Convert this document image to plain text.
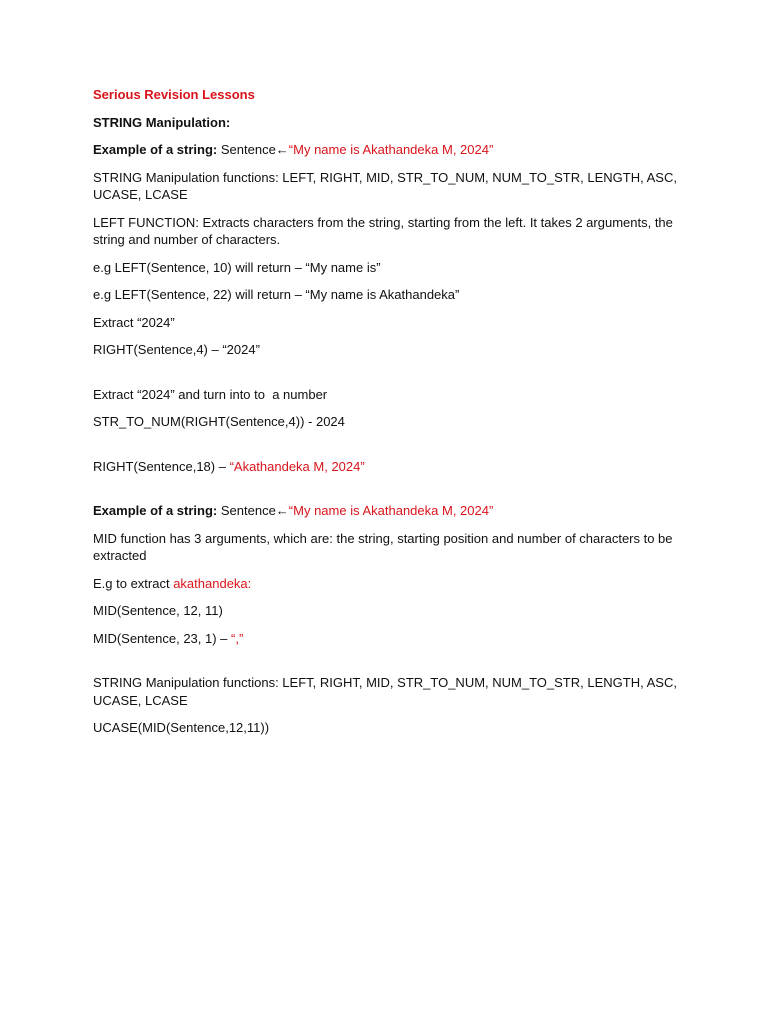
Serious Revision Lessons

STRING Manipulation:

Example of a string: Sentence←“My name is Akathandeka M, 2024”

STRING Manipulation functions: LEFT, RIGHT, MID, STR_TO_NUM, NUM_TO_STR, LENGTH, ASC, UCASE, LCASE

LEFT FUNCTION: Extracts characters from the string, starting from the left. It takes 2 arguments, the string and number of characters.

e.g LEFT(Sentence, 10) will return – “My name is”

e.g LEFT(Sentence, 22) will return – “My name is Akathandeka”

Extract “2024”

RIGHT(Sentence,4) – “2024”

Extract “2024” and turn into to  a number

STR_TO_NUM(RIGHT(Sentence,4)) - 2024

RIGHT(Sentence,18) – “Akathandeka M, 2024”

Example of a string: Sentence←“My name is Akathandeka M, 2024”

MID function has 3 arguments, which are: the string, starting position and number of characters to be extracted

E.g to extract akathandeka:

MID(Sentence, 12, 11)

MID(Sentence, 23, 1) – “,”

STRING Manipulation functions: LEFT, RIGHT, MID, STR_TO_NUM, NUM_TO_STR, LENGTH, ASC, UCASE, LCASE

UCASE(MID(Sentence,12,11))
